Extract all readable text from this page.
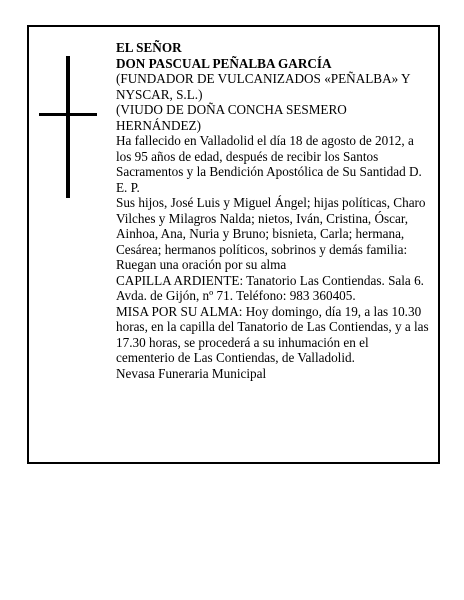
EL SEÑOR
DON PASCUAL PEÑALBA GARCÍA
(FUNDADOR DE VULCANIZADOS «PEÑALBA» Y NYSCAR, S.L.)
(VIUDO DE DOÑA CONCHA SESMERO HERNÁNDEZ)
Ha fallecido en Valladolid el día 18 de agosto de 2012, a los 95 años de edad, después de recibir los Santos Sacramentos y la Bendición Apostólica de Su Santidad D. E. P.
Sus hijos, José Luis y Miguel Ángel; hijas políticas, Charo Vilches y Milagros Nalda; nietos, Iván, Cristina, Óscar, Ainhoa, Ana, Nuria y Bruno; bisnieta, Carla; hermana, Cesárea; hermanos políticos, sobrinos y demás familia:
Ruegan una oración por su alma
CAPILLA ARDIENTE: Tanatorio Las Contiendas. Sala 6. Avda. de Gijón, nº 71. Teléfono: 983 360405.
MISA POR SU ALMA: Hoy domingo, día 19, a las 10.30 horas, en la capilla del Tanatorio de Las Contiendas, y a las 17.30 horas, se procederá a su inhumación en el cementerio de Las Contiendas, de Valladolid.
Nevasa Funeraria Municipal
